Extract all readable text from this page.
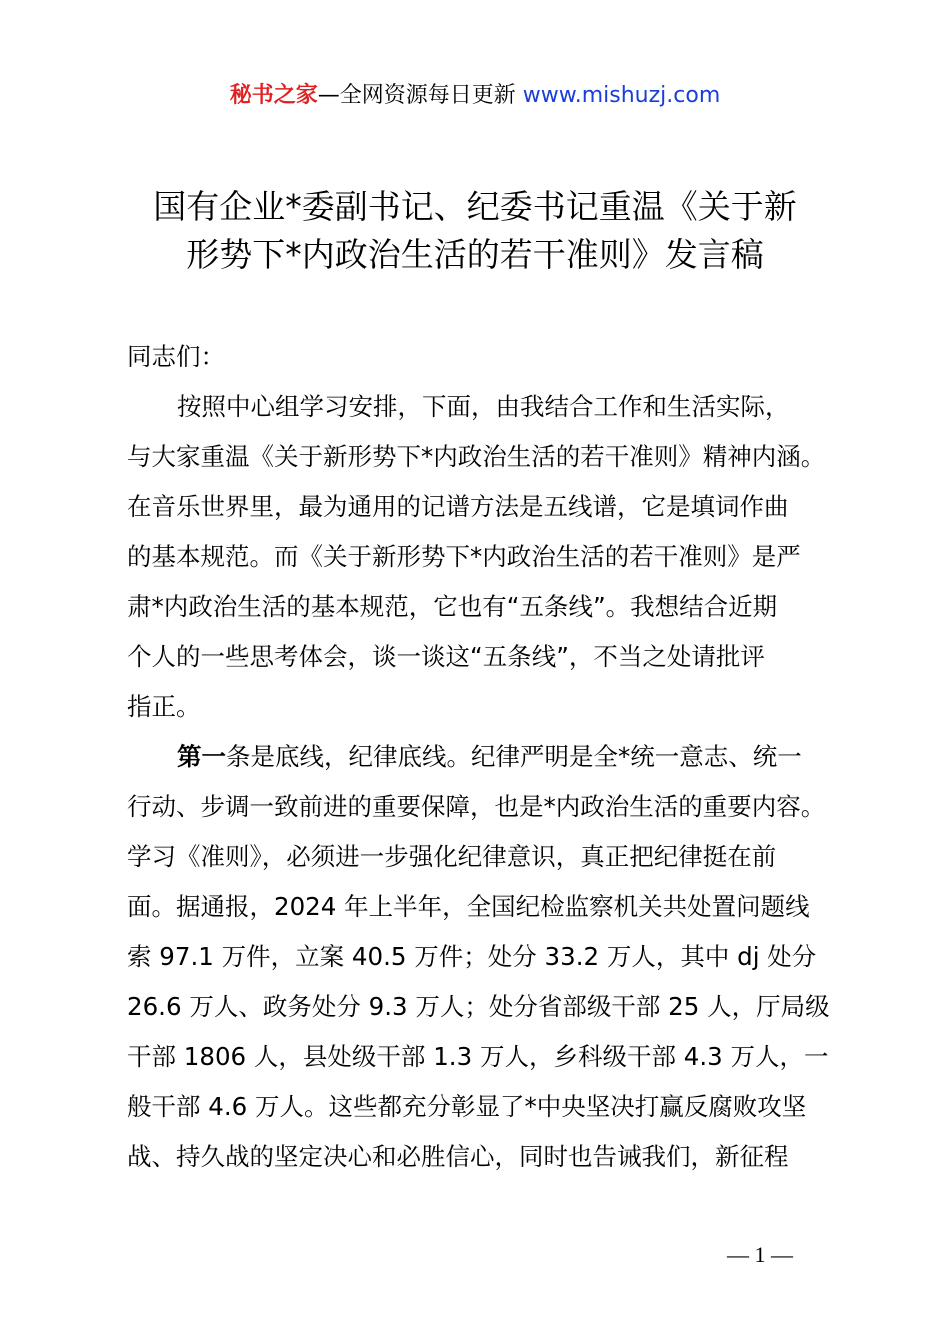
秘书之家—全网资源每日更新 www.mishuzj.com
国有企业*委副书记、纪委书记重温《关于新
形势下*内政治生活的若干准则》发言稿
同志们：
按照中心组学习安排，下面，由我结合工作和生活实际，
与大家重温《关于新形势下*内政治生活的若干准则》精神内涵。
在音乐世界里，最为通用的记谱方法是五线谱，它是填词作曲
的基本规范。而《关于新形势下*内政治生活的若干准则》是严
肃*内政治生活的基本规范，它也有“五条线”。我想结合近期
个人的一些思考体会，谈一谈这“五条线”，不当之处请批评
指正。
第一条是底线，纪律底线。纪律严明是全*统一意志、统一
行动、步调一致前进的重要保障，也是*内政治生活的重要内容。
学习《准则》，必须进一步强化纪律意识，真正把纪律挺在前
面。据通报，2024 年上半年，全国纪检监察机关共处置问题线
索 97.1 万件，立案 40.5 万件；处分 33.2 万人，其中 dj 处分
26.6 万人、政务处分 9.3 万人；处分省部级干部 25 人，厅局级
干部 1806 人，县处级干部 1.3 万人，乡科级干部 4.3 万人，一
般干部 4.6 万人。这些都充分彰显了*中央坚决打赢反腐败攻坚
战、持久战的坚定决心和必胜信心，同时也告诫我们，新征程
— 1 —
